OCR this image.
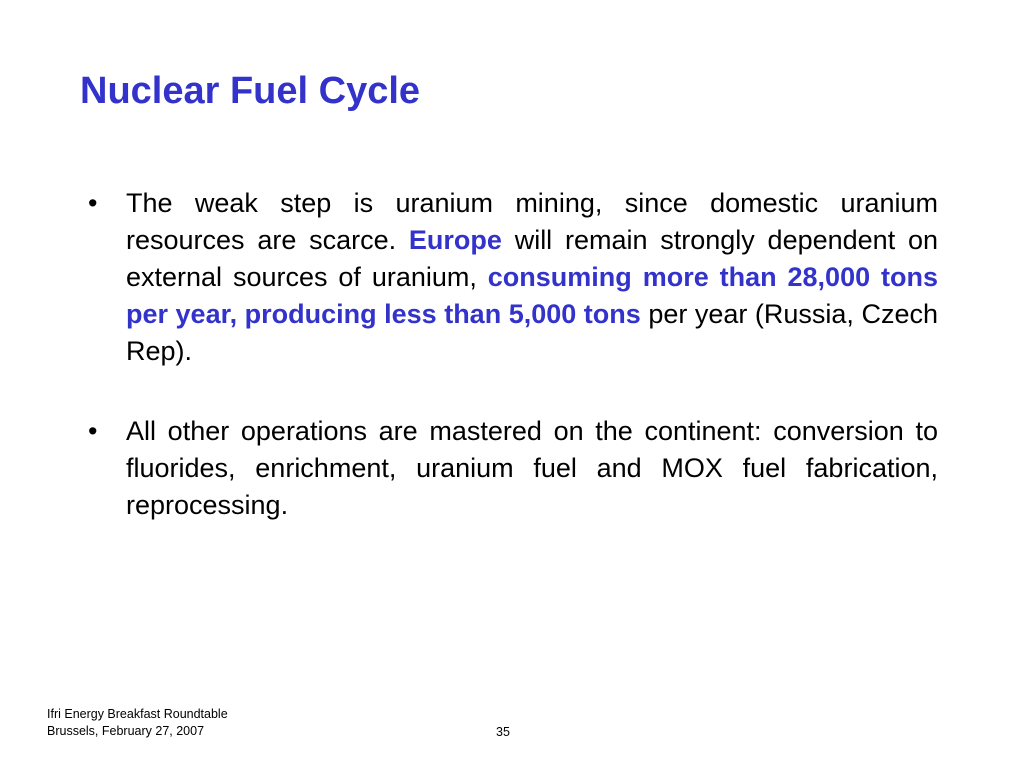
Nuclear Fuel Cycle
• The weak step is uranium mining, since domestic uranium resources are scarce. Europe will remain strongly dependent on external sources of uranium, consuming more than 28,000 tons per year, producing less than 5,000 tons per year (Russia, Czech Rep).
• All other operations are mastered on the continent: conversion to fluorides, enrichment, uranium fuel and MOX fuel fabrication, reprocessing.
Ifri Energy Breakfast Roundtable
Brussels, February 27, 2007	35
